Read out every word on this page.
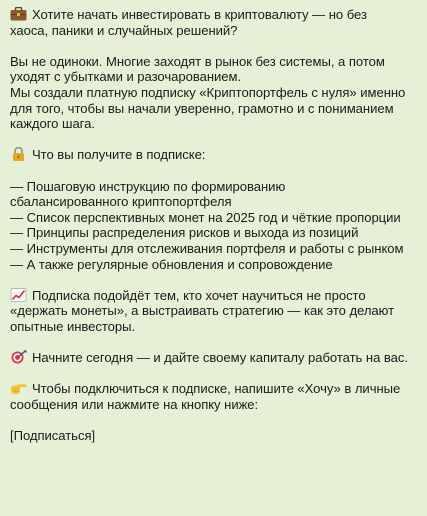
Хотите начать инвестировать в криптовалюту — но без
хаоса, паники и случайных решений?
Вы не одиноки. Многие заходят в рынок без системы, а потом
уходят с убытками и разочарованием.
Мы создали платную подписку «Криптопортфель с нуля» именно
для того, чтобы вы начали уверенно, грамотно и с пониманием
каждого шага.
Что вы получите в подписке:
— Пошаговую инструкцию по формированию
сбалансированного криптопортфеля
— Список перспективных монет на 2025 год и чёткие пропорции
— Принципы распределения рисков и выхода из позиций
— Инструменты для отслеживания портфеля и работы с рынком
— А также регулярные обновления и сопровождение
Подписка подойдёт тем, кто хочет научиться не просто
«держать монеты», а выстраивать стратегию — как это делают
опытные инвесторы.
Начните сегодня — и дайте своему капиталу работать на вас.
Чтобы подключиться к подписке, напишите «Хочу» в личные
сообщения или нажмите на кнопку ниже:
[Подписаться]
